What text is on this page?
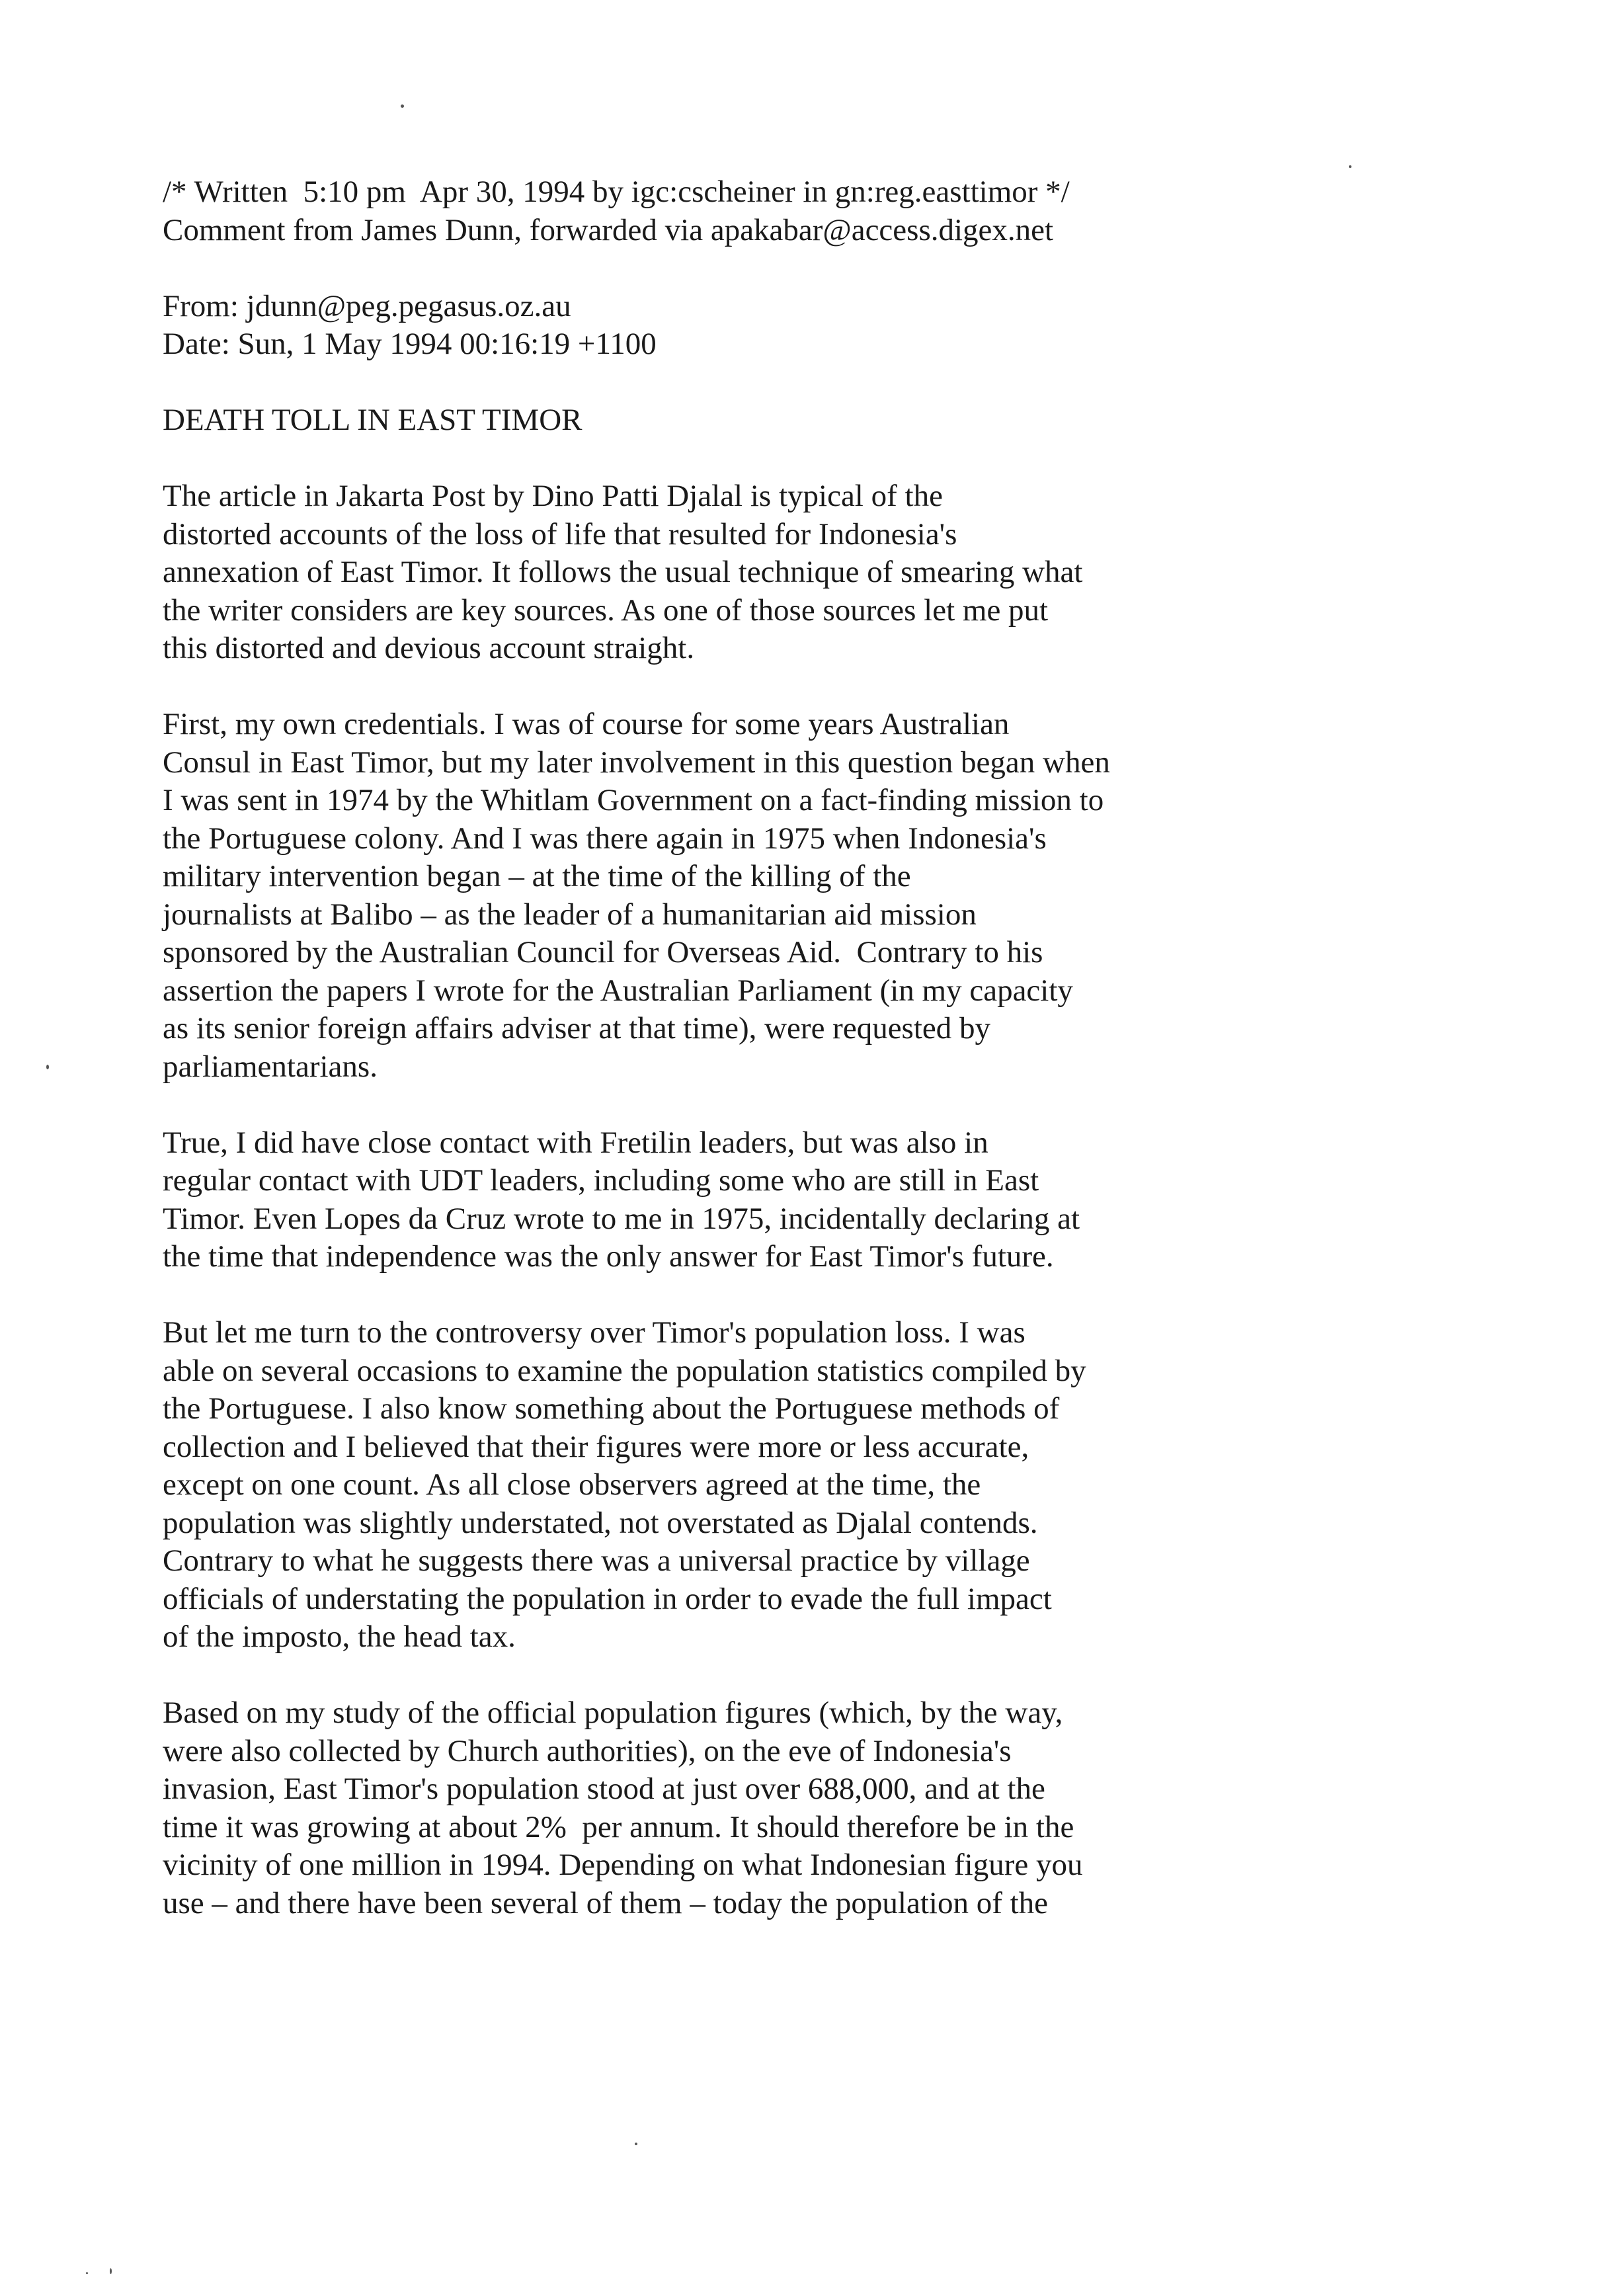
/* Written  5:10 pm  Apr 30, 1994 by igc:cscheiner in gn:reg.easttimor */
Comment from James Dunn, forwarded via apakabar@access.digex.net
From: jdunn@peg.pegasus.oz.au
Date: Sun, 1 May 1994 00:16:19 +1100
DEATH TOLL IN EAST TIMOR
The article in Jakarta Post by Dino Patti Djalal is typical of the
distorted accounts of the loss of life that resulted for Indonesia's
annexation of East Timor. It follows the usual technique of smearing what
the writer considers are key sources. As one of those sources let me put
this distorted and devious account straight.
First, my own credentials. I was of course for some years Australian
Consul in East Timor, but my later involvement in this question began when
I was sent in 1974 by the Whitlam Government on a fact-finding mission to
the Portuguese colony. And I was there again in 1975 when Indonesia's
military intervention began – at the time of the killing of the
journalists at Balibo – as the leader of a humanitarian aid mission
sponsored by the Australian Council for Overseas Aid.  Contrary to his
assertion the papers I wrote for the Australian Parliament (in my capacity
as its senior foreign affairs adviser at that time), were requested by
parliamentarians.
True, I did have close contact with Fretilin leaders, but was also in
regular contact with UDT leaders, including some who are still in East
Timor. Even Lopes da Cruz wrote to me in 1975, incidentally declaring at
the time that independence was the only answer for East Timor's future.
But let me turn to the controversy over Timor's population loss. I was
able on several occasions to examine the population statistics compiled by
the Portuguese. I also know something about the Portuguese methods of
collection and I believed that their figures were more or less accurate,
except on one count. As all close observers agreed at the time, the
population was slightly understated, not overstated as Djalal contends.
Contrary to what he suggests there was a universal practice by village
officials of understating the population in order to evade the full impact
of the imposto, the head tax.
Based on my study of the official population figures (which, by the way,
were also collected by Church authorities), on the eve of Indonesia's
invasion, East Timor's population stood at just over 688,000, and at the
time it was growing at about 2%  per annum. It should therefore be in the
vicinity of one million in 1994. Depending on what Indonesian figure you
use – and there have been several of them – today the population of the
